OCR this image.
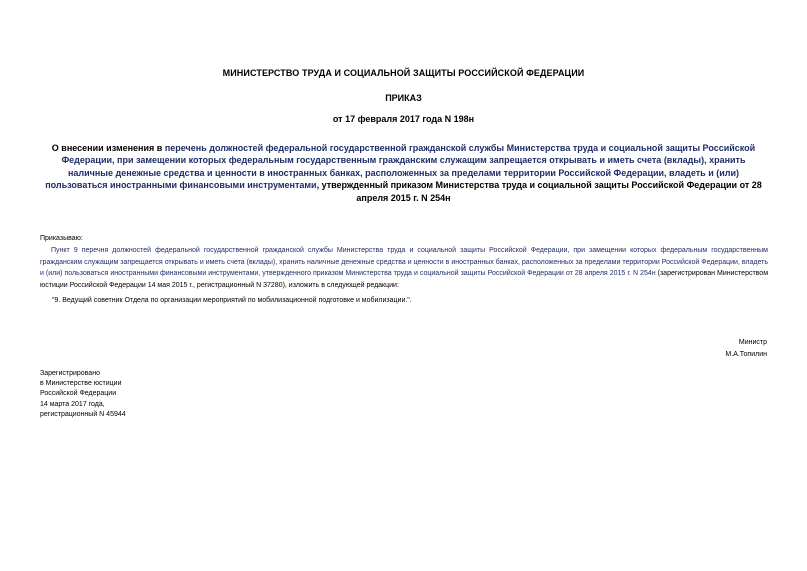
МИНИСТЕРСТВО ТРУДА И СОЦИАЛЬНОЙ ЗАЩИТЫ РОССИЙСКОЙ ФЕДЕРАЦИИ
ПРИКАЗ
от 17 февраля 2017 года N 198н
О внесении изменения в перечень должностей федеральной государственной гражданской службы Министерства труда и социальной защиты Российской Федерации, при замещении которых федеральным государственным гражданским служащим запрещается открывать и иметь счета (вклады), хранить наличные денежные средства и ценности в иностранных банках, расположенных за пределами территории Российской Федерации, владеть и (или) пользоваться иностранными финансовыми инструментами, утвержденный приказом Министерства труда и социальной защиты Российской Федерации от 28 апреля 2015 г. N 254н
Приказываю:
Пункт 9 перечня должностей федеральной государственной гражданской службы Министерства труда и социальной защиты Российской Федерации, при замещении которых федеральным государственным гражданским служащим запрещается открывать и иметь счета (вклады), хранить наличные денежные средства и ценности в иностранных банках, расположенных за пределами территории Российской Федерации, владеть и (или) пользоваться иностранными финансовыми инструментами, утвержденного приказом Министерства труда и социальной защиты Российской Федерации от 28 апреля 2015 г. N 254н (зарегистрирован Министерством юстиции Российской Федерации 14 мая 2015 г., регистрационный N 37280), изложить в следующей редакции:
"9. Ведущий советник Отдела по организации мероприятий по мобилизационной подготовке и мобилизации.".
Министр
М.А.Топилин
Зарегистрировано
в Министерстве юстиции
Российской Федерации
14 марта 2017 года,
регистрационный N 45944
